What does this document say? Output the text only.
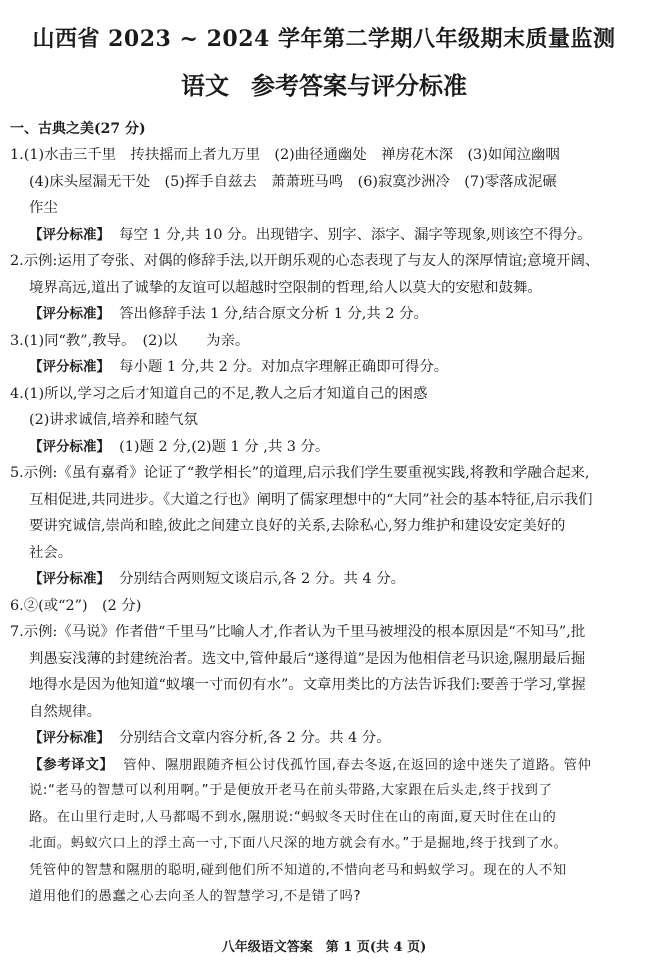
山西省 2023 ~ 2024 学年第二学期八年级期末质量监测
语文 参考答案与评分标准
一、古典之美(27 分)
1.(1)水击三千里　抟扶摇而上者九万里　(2)曲径通幽处　禅房花木深　(3)如闻泣幽咽
(4)床头屋漏无干处　(5)挥手自兹去　萧萧班马鸣　(6)寂寞沙洲冷　(7)零落成泥碾
作尘
【评分标准】 每空 1 分,共 10 分。出现错字、别字、添字、漏字等现象,则该空不得分。
2.示例:运用了夸张、对偶的修辞手法,以开朗乐观的心态表现了与友人的深厚情谊;意境开阔、
境界高远,道出了诚挚的友谊可以超越时空限制的哲理,给人以莫大的安慰和鼓舞。
【评分标准】 答出修辞手法 1 分,结合原文分析 1 分,共 2 分。
3.(1)同“教”,教导。　(2)以　　为亲。
【评分标准】 每小题 1 分,共 2 分。对加点字理解正确即可得分。
4.(1)所以,学习之后才知道自己的不足,教人之后才知道自己的困惑
(2)讲求诚信,培养和睦气氛
【评分标准】 (1)题 2 分,(2)题 1 分 ,共 3 分。
5.示例:《虽有嘉肴》论证了“教学相长”的道理,启示我们学生要重视实践,将教和学融合起来,
互相促进,共同进步。《大道之行也》阐明了儒家理想中的“大同”社会的基本特征,启示我们
要讲究诚信,崇尚和睦,彼此之间建立良好的关系,去除私心,努力维护和建设安定美好的
社会。
【评分标准】 分别结合两则短文谈启示,各 2 分。共 4 分。
6.②(或“2”)　(2 分)
7.示例:《马说》作者借“千里马”比喻人才,作者认为千里马被埋没的根本原因是“不知马”,批
判愚妄浅薄的封建统治者。选文中,管仲最后“遂得道”是因为他相信老马识途,隰朋最后掘
地得水是因为他知道“蚁壤一寸而仞有水”。文章用类比的方法告诉我们:要善于学习,掌握
自然规律。
【评分标准】 分别结合文章内容分析,各 2 分。共 4 分。
【参考译文】 管仲、隰朋跟随齐桓公讨伐孤竹国,春去冬返,在返回的途中迷失了道路。管仲
说:“老马的智慧可以利用啊。”于是便放开老马在前头带路,大家跟在后头走,终于找到了
路。在山里行走时,人马都喝不到水,隰朋说:“蚂蚁冬天时住在山的南面,夏天时住在山的
北面。蚂蚁穴口上的浮土高一寸,下面八尺深的地方就会有水。”于是掘地,终于找到了水。
凭管仲的智慧和隰朋的聪明,碰到他们所不知道的,不惜向老马和蚂蚁学习。现在的人不知
道用他们的愚蠢之心去向圣人的智慧学习,不是错了吗?
八年级语文答案　第 1 页(共 4 页)
